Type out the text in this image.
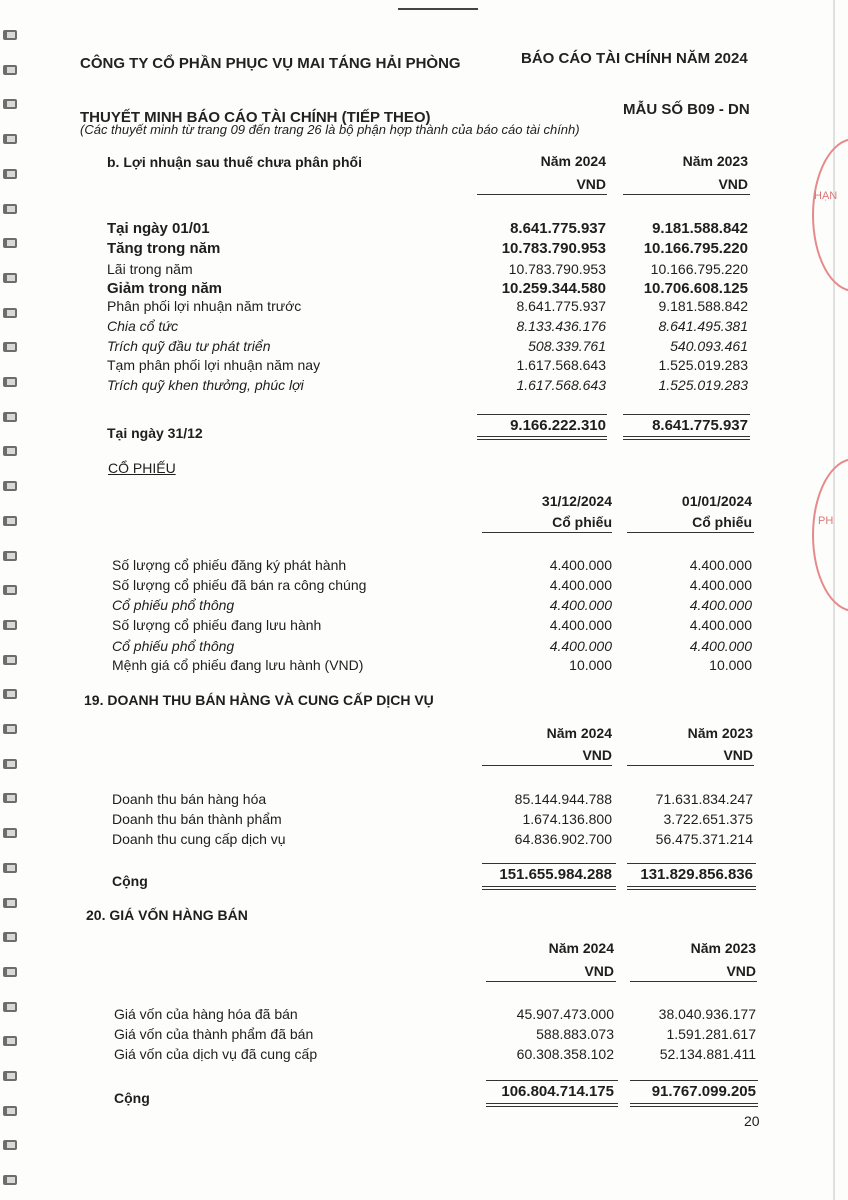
HẠN
PH
CÔNG TY CỔ PHẦN PHỤC VỤ MAI TÁNG HẢI PHÒNG	BÁO CÁO TÀI CHÍNH NĂM 2024
THUYẾT MINH BÁO CÁO TÀI CHÍNH (TIẾP THEO)	MẪU SỐ B09 - DN
(Các thuyết minh từ trang 09 đến trang 26 là bộ phận hợp thành của báo cáo tài chính)
b. Lợi nhuận sau thuế chưa phân phối	Năm 2024	Năm 2023
VND	VND
Tại ngày 01/01	8.641.775.937	9.181.588.842
Tăng trong năm	10.783.790.953	10.166.795.220
Lãi trong năm	10.783.790.953	10.166.795.220
Giảm trong năm	10.259.344.580	10.706.608.125
Phân phối lợi nhuận năm trước	8.641.775.937	9.181.588.842
Chia cổ tức	8.133.436.176	8.641.495.381
Trích quỹ đầu tư phát triển	508.339.761	540.093.461
Tạm phân phối lợi nhuận năm nay	1.617.568.643	1.525.019.283
Trích quỹ khen thưởng, phúc lợi	1.617.568.643	1.525.019.283
Tại ngày 31/12	9.166.222.310	8.641.775.937
CỔ PHIẾU
31/12/2024	01/01/2024
Cổ phiếu	Cổ phiếu
Số lượng cổ phiếu đăng ký phát hành	4.400.000	4.400.000
Số lượng cổ phiếu đã bán ra công chúng	4.400.000	4.400.000
Cổ phiếu phổ thông	4.400.000	4.400.000
Số lượng cổ phiếu đang lưu hành	4.400.000	4.400.000
Cổ phiếu phổ thông	4.400.000	4.400.000
Mệnh giá cổ phiếu đang lưu hành (VND)	10.000	10.000
19. DOANH THU BÁN HÀNG VÀ CUNG CẤP DỊCH VỤ
Năm 2024	Năm 2023
VND	VND
Doanh thu bán hàng hóa	85.144.944.788	71.631.834.247
Doanh thu bán thành phẩm	1.674.136.800	3.722.651.375
Doanh thu cung cấp dịch vụ	64.836.902.700	56.475.371.214
Cộng	151.655.984.288 131.829.856.836
20. GIÁ VỐN HÀNG BÁN
Năm 2024	Năm 2023
VND	VND
Giá vốn của hàng hóa đã bán	45.907.473.000	38.040.936.177
Giá vốn của thành phẩm đã bán	588.883.073	1.591.281.617
Giá vốn của dịch vụ đã cung cấp	60.308.358.102	52.134.881.411
Cộng	106.804.714.175	91.767.099.205
20
